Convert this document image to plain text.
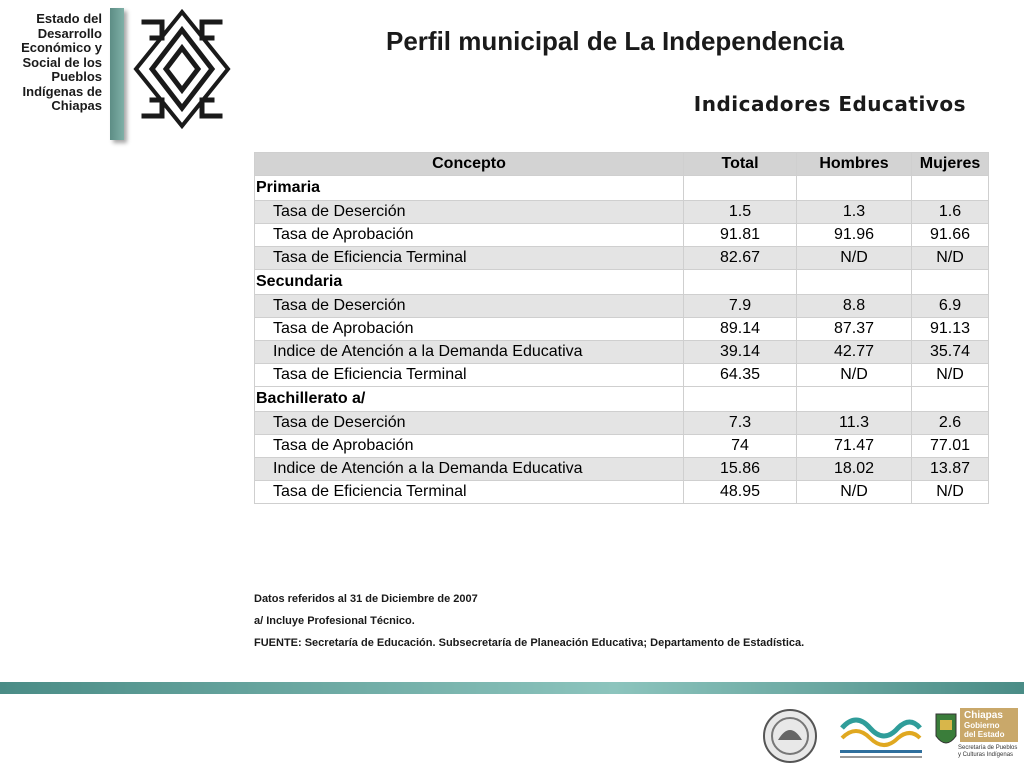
Estado del
Desarrollo
Económico y
Social de los
Pueblos
Indígenas de
Chiapas
Perfil municipal de La Independencia
Indicadores Educativos
Concepto	Total	Hombres	Mujeres
Primaria			
Tasa de Deserción	1.5	1.3	1.6
Tasa de Aprobación	91.81	91.96	91.66
Tasa de Eficiencia Terminal	82.67	N/D	N/D
Secundaria			
Tasa de Deserción	7.9	8.8	6.9
Tasa de Aprobación	89.14	87.37	91.13
Indice de Atención a la Demanda Educativa	39.14	42.77	35.74
Tasa de Eficiencia Terminal	64.35	N/D	N/D
Bachillerato a/			
Tasa de Deserción	7.3	11.3	2.6
Tasa de Aprobación	74	71.47	77.01
Indice de Atención a la Demanda Educativa	15.86	18.02	13.87
Tasa de Eficiencia Terminal	48.95	N/D	N/D
Datos referidos al 31 de Diciembre de 2007
a/ Incluye Profesional Técnico.
FUENTE: Secretaría de Educación. Subsecretaría de Planeación Educativa; Departamento de Estadística.
Chiapas
Gobierno
del Estado
Secretaría de Pueblos y Culturas Indígenas
